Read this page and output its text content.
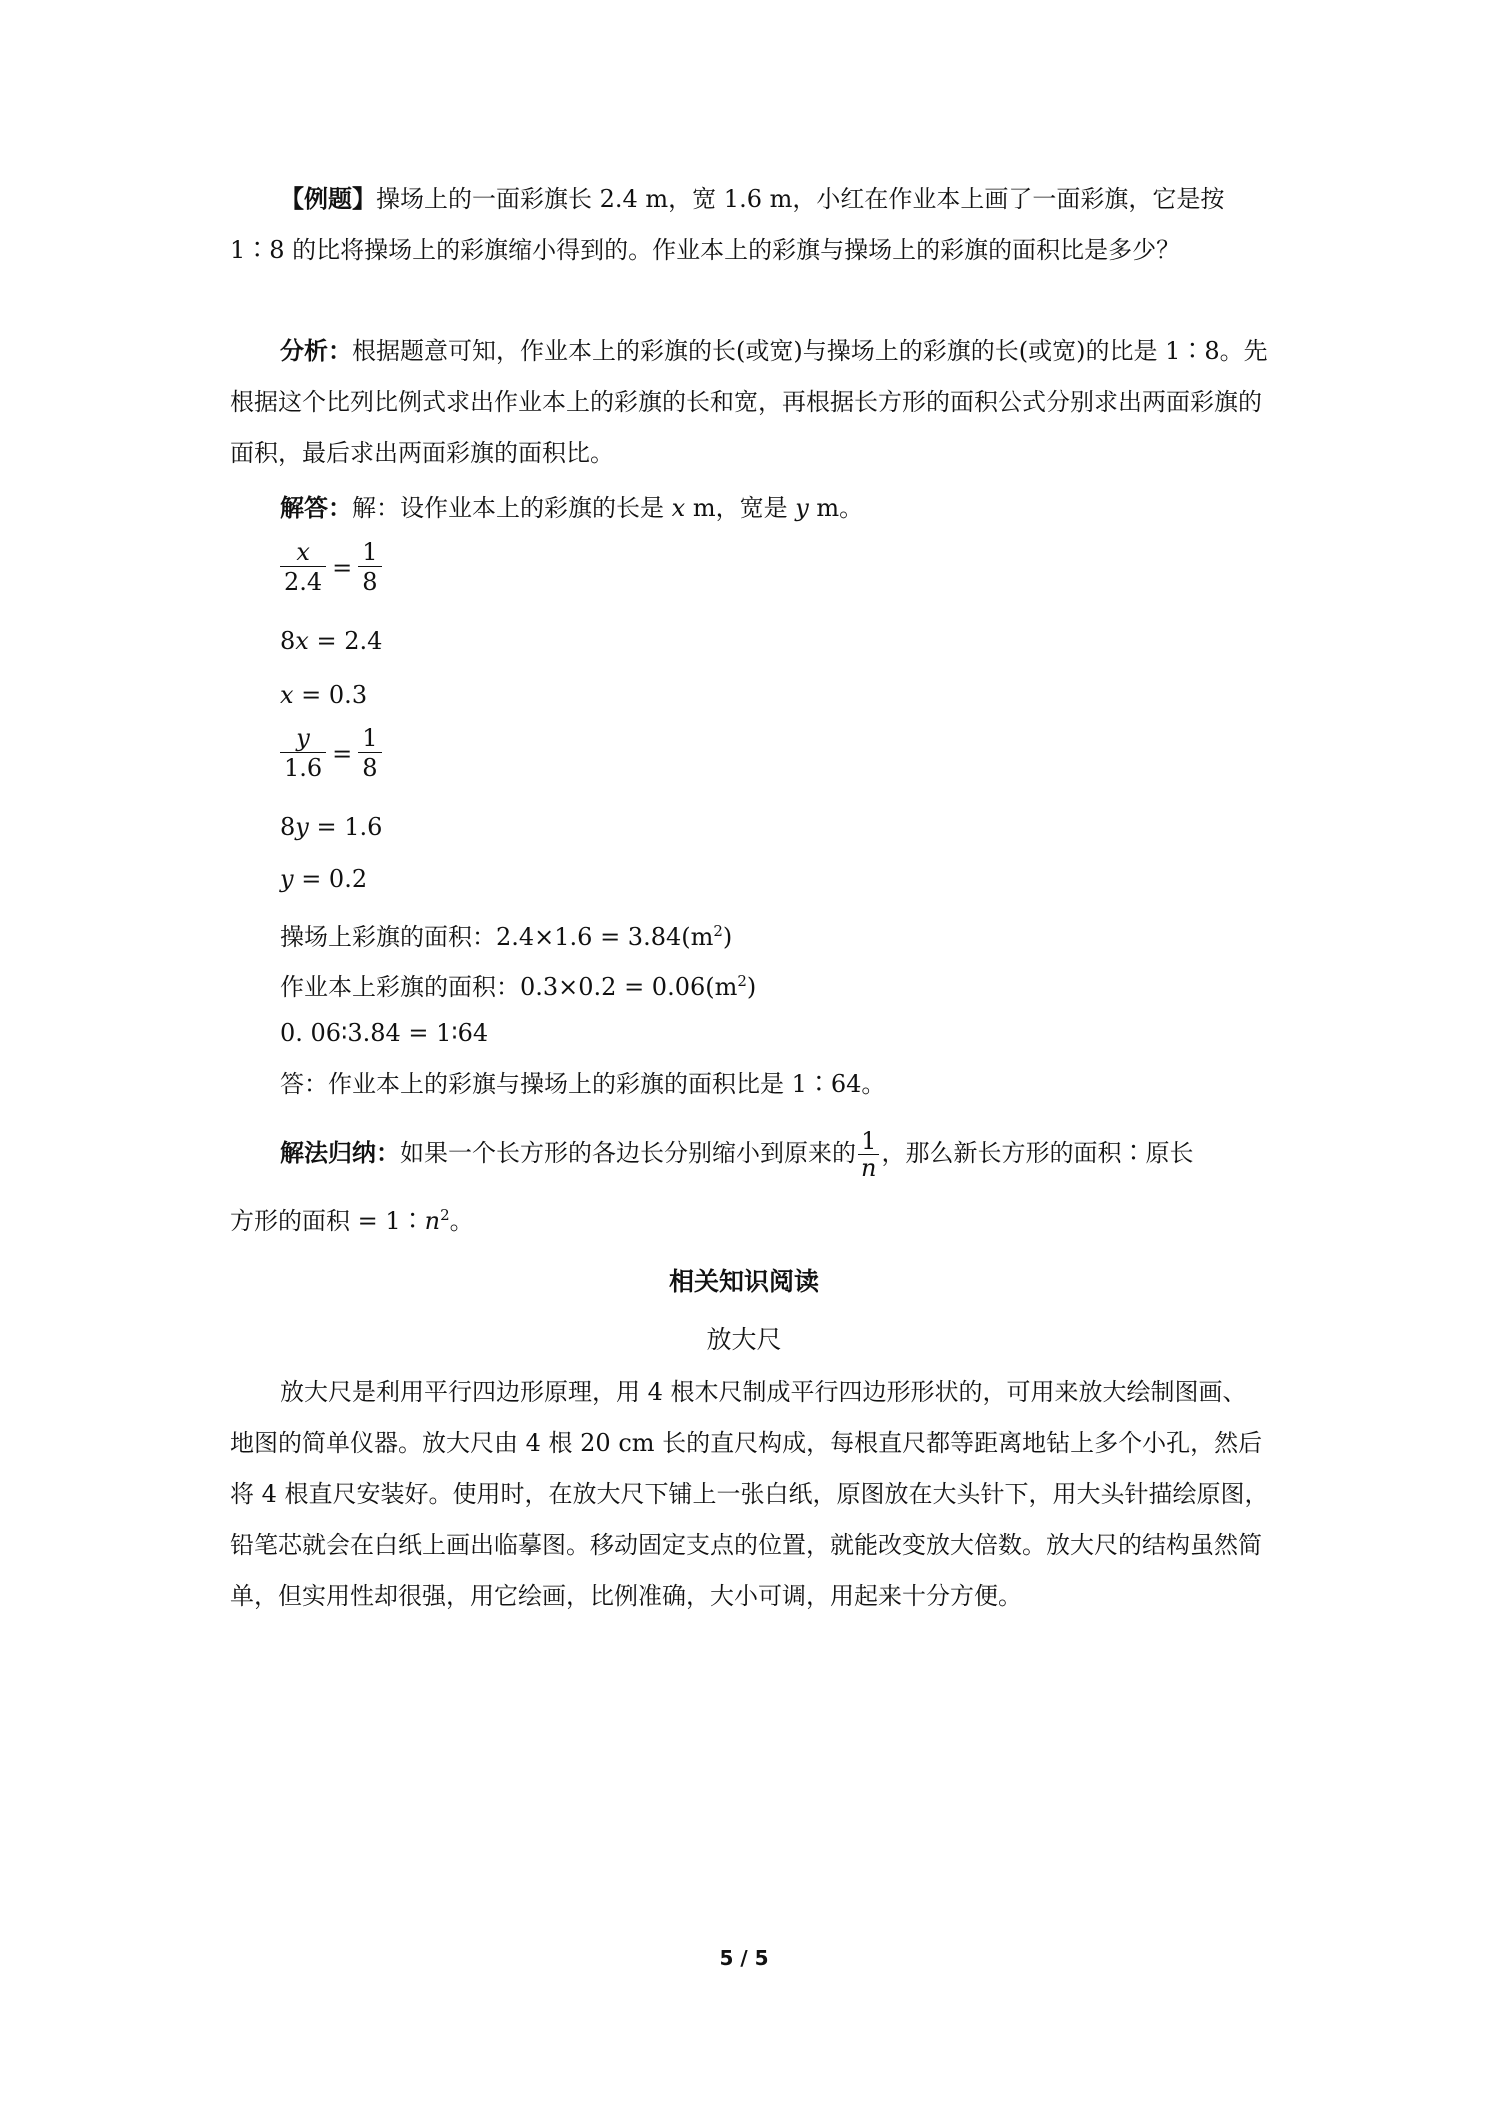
【例题】操场上的一面彩旗长 2.4 m，宽 1.6 m，小红在作业本上画了一面彩旗，它是按 1∶8 的比将操场上的彩旗缩小得到的。作业本上的彩旗与操场上的彩旗的面积比是多少？

分析：根据题意可知，作业本上的彩旗的长(或宽)与操场上的彩旗的长(或宽)的比是 1∶8。先根据这个比列比例式求出作业本上的彩旗的长和宽，再根据长方形的面积公式分别求出两面彩旗的面积，最后求出两面彩旗的面积比。

解答：解：设作业本上的彩旗的长是 x m，宽是 y m。

$\frac{x}{2.4} = \frac{1}{8}$

8x = 2.4

x = 0.3

$\frac{y}{1.6} = \frac{1}{8}$

8y = 1.6

y = 0.2

操场上彩旗的面积：$2.4\times 1.6 = 3.84(m^2)$

作业本上彩旗的面积：$0.3\times 0.2 = 0.06(m^2)$

0. 06∶3.84 = 1∶64

答：作业本上的彩旗与操场上的彩旗的面积比是 1∶64。

解法归纳：如果一个长方形的各边长分别缩小到原来的 $\frac{1}{n}$ ，那么新长方形的面积∶原长

方形的面积 = $1∶n^2$。

相关知识阅读

放大尺

放大尺是利用平行四边形原理，用 4 根木尺制成平行四边形形状的，可用来放大绘制图画、地图的简单仪器。放大尺由 4 根 20 cm 长的直尺构成，每根直尺都等距离地钻上多个小孔，然后将 4 根直尺安装好。使用时，在放大尺下铺上一张白纸，原图放在大头针下，用大头针描绘原图，铅笔芯就会在白纸上画出临摹图。移动固定支点的位置，就能改变放大倍数。放大尺的结构虽然简单，但实用性却很强，用它绘画，比例准确，大小可调，用起来十分方便。

5 / 5
